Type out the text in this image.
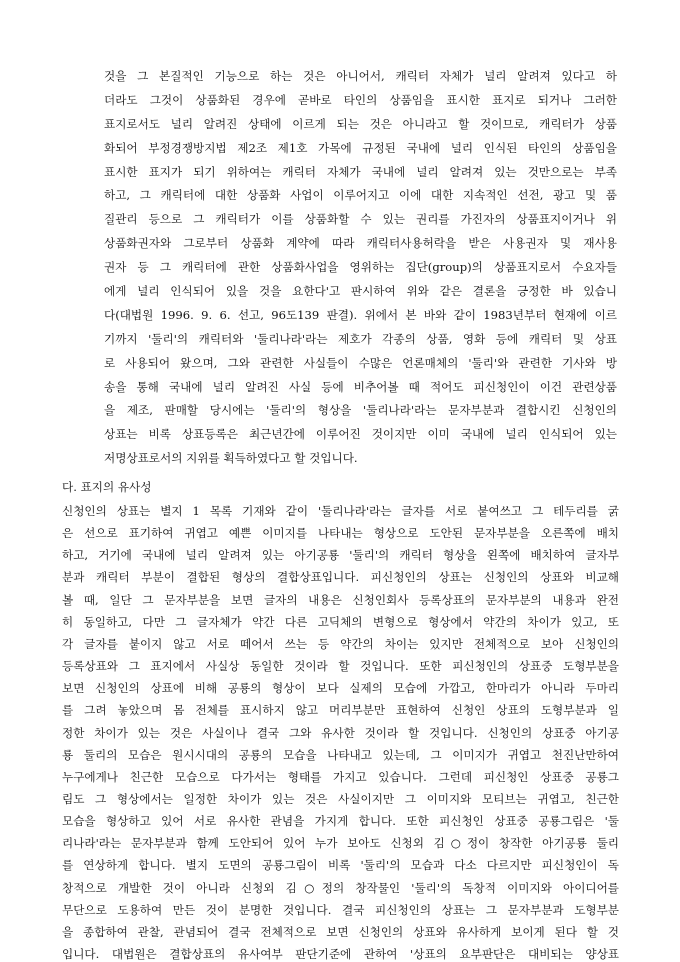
것을 그 본질적인 기능으로 하는 것은 아니어서, 캐릭터 자체가 널리 알려져 있다고 하
더라도 그것이 상품화된 경우에 곧바로 타인의 상품임을 표시한 표지로 되거나 그러한
표지로서도 널리 알려진 상태에 이르게 되는 것은 아니라고 할 것이므로, 캐릭터가 상품
화되어 부정경쟁방지법 제2조 제1호 가목에 규정된 국내에 널리 인식된 타인의 상품임을
표시한 표지가 되기 위하여는 캐릭터 자체가 국내에 널리 알려져 있는 것만으로는 부족
하고, 그 캐릭터에 대한 상품화 사업이 이루어지고 이에 대한 지속적인 선전, 광고 및 품
질관리 등으로 그 캐릭터가 이를 상품화할 수 있는 권리를 가진자의 상품표지이거나 위
상품화권자와 그로부터 상품화 계약에 따라 캐릭터사용허락을 받은 사용권자 및 재사용
권자 등 그 캐릭터에 관한 상품화사업을 영위하는 집단(group)의 상품표지로서 수요자들
에게 널리 인식되어 있을 것을 요한다'고 판시하여 위와 같은 결론을 긍정한 바 있습니
다(대법원 1996. 9. 6. 선고, 96도139 판결). 위에서 본 바와 같이 1983년부터 현재에 이르
기까지 '둘리'의 캐릭터와 '둘리나라'라는 제호가 각종의 상품, 영화 등에 캐릭터 및 상표
로 사용되어 왔으며, 그와 관련한 사실들이 수많은 언론매체의 '둘리'와 관련한 기사와 방
송을 통해 국내에 널리 알려진 사실 등에 비추어볼 때 적어도 피신청인이 이건 관련상품
을 제조, 판매할 당시에는 '둘리'의 형상을 '둘리나라'라는 문자부분과 결합시킨 신청인의
상표는 비록 상표등록은 최근년간에 이루어진 것이지만 이미 국내에 널리 인식되어 있는
저명상표로서의 지위를 획득하였다고 할 것입니다.
다. 표지의 유사성
신청인의 상표는 별지 1 목록 기재와 같이 '둘리나라'라는 글자를 서로 붙여쓰고 그 테두리를 굵
은 선으로 표기하여 귀엽고 예쁜 이미지를 나타내는 형상으로 도안된 문자부분을 오른쪽에 배치
하고, 거기에 국내에 널리 알려져 있는 아기공룡 '둘리'의 캐릭터 형상을 왼쪽에 배치하여 글자부
분과 캐릭터 부분이 결합된 형상의 결합상표입니다. 피신청인의 상표는 신청인의 상표와 비교해
볼 때, 일단 그 문자부분을 보면 글자의 내용은 신청인회사 등록상표의 문자부분의 내용과 완전
히 동일하고, 다만 그 글자체가 약간 다른 고딕체의 변형으로 형상에서 약간의 차이가 있고, 또
각 글자를 붙이지 않고 서로 떼어서 쓰는 등 약간의 차이는 있지만 전체적으로 보아 신청인의
등록상표와 그 표지에서 사실상 동일한 것이라 할 것입니다. 또한 피신청인의 상표중 도형부분을
보면 신청인의 상표에 비해 공룡의 형상이 보다 실제의 모습에 가깝고, 한마리가 아니라 두마리
를 그려 놓았으며 몸 전체를 표시하지 않고 머리부분만 표현하여 신청인 상표의 도형부분과 일
정한 차이가 있는 것은 사실이나 결국 그와 유사한 것이라 할 것입니다. 신청인의 상표중 아기공
룡 둘리의 모습은 원시시대의 공룡의 모습을 나타내고 있는데, 그 이미지가 귀엽고 천진난만하여
누구에게나 친근한 모습으로 다가서는 형태를 가지고 있습니다. 그런데 피신청인 상표중 공룡그
림도 그 형상에서는 일정한 차이가 있는 것은 사실이지만 그 이미지와 모티브는 귀엽고, 친근한
모습을 형상하고 있어 서로 유사한 관념을 가지게 합니다. 또한 피신청인 상표중 공룡그림은 '둘
리나라'라는 문자부분과 함께 도안되어 있어 누가 보아도 신청외 김○정이 창작한 아기공룡 둘리
를 연상하게 합니다. 별지 도면의 공룡그림이 비록 '둘리'의 모습과 다소 다르지만 피신청인이 독
창적으로 개발한 것이 아니라 신청외 김○정의 창작물인 '둘리'의 독창적 이미지와 아이디어를
무단으로 도용하여 만든 것이 분명한 것입니다. 결국 피신청인의 상표는 그 문자부분과 도형부분
을 종합하여 관찰, 관념되어 결국 전체적으로 보면 신청인의 상표와 유사하게 보이게 된다 할 것
입니다. 대법원은 결합상표의 유사여부 판단기준에 관하여 '상표의 요부판단은 대비되는 양상표
